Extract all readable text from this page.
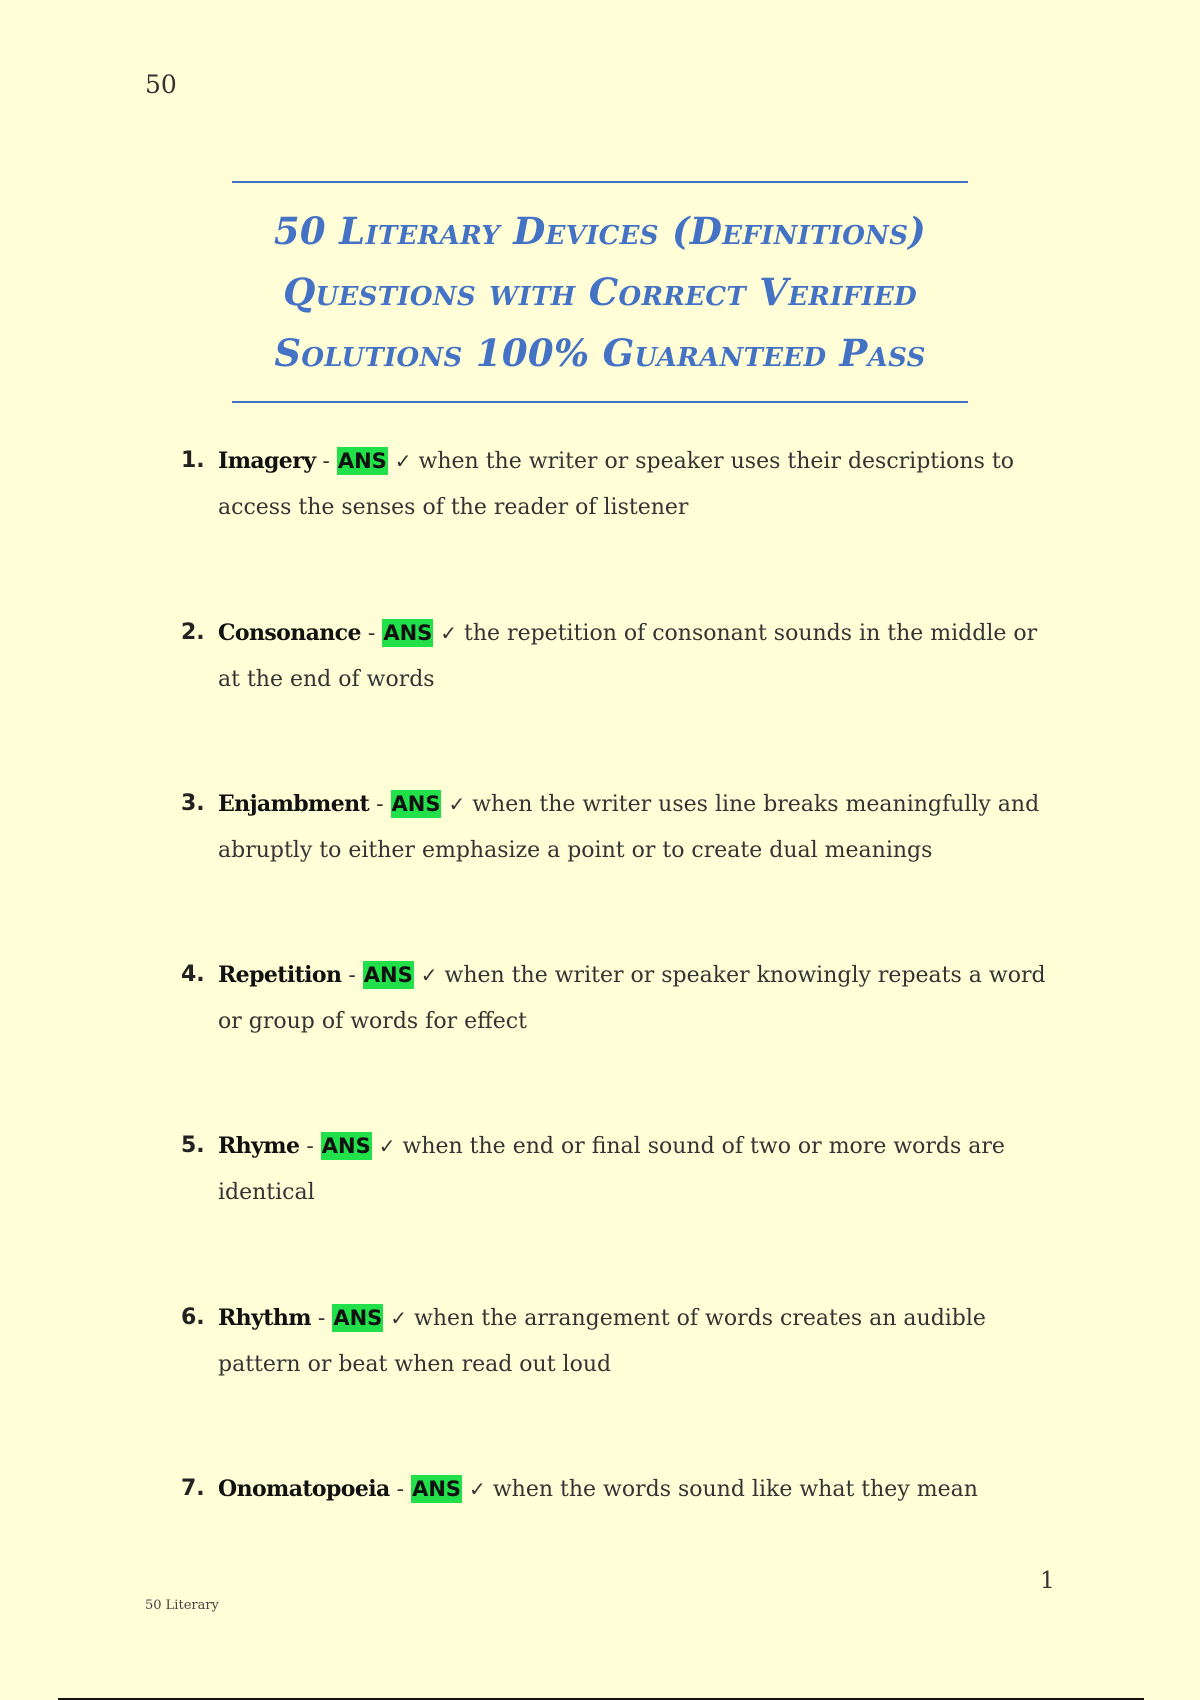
50
50 Literary Devices (Definitions)
Questions with Correct Verified
Solutions 100% Guaranteed Pass
1. Imagery - ANS ✓ when the writer or speaker uses their descriptions to access the senses of the reader of listener
2. Consonance - ANS ✓ the repetition of consonant sounds in the middle or at the end of words
3. Enjambment - ANS ✓ when the writer uses line breaks meaningfully and abruptly to either emphasize a point or to create dual meanings
4. Repetition - ANS ✓ when the writer or speaker knowingly repeats a word or group of words for effect
5. Rhyme - ANS ✓ when the end or final sound of two or more words are identical
6. Rhythm - ANS ✓ when the arrangement of words creates an audible pattern or beat when read out loud
7. Onomatopoeia - ANS ✓ when the words sound like what they mean
1
50 Literary
